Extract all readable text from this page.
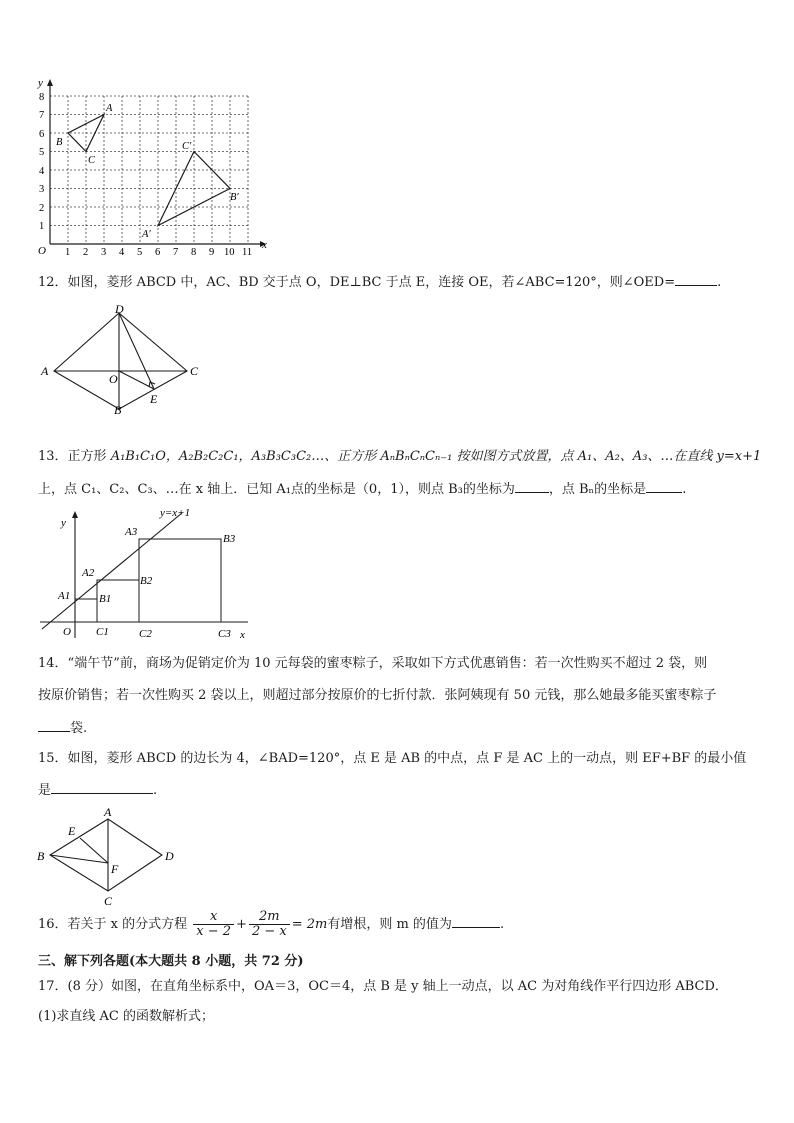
x
y
O 1 2 3 4 5 6 7 8 9 10 11
1
2
3
4
5
6
7
8
A
B
C
A'
B'
C'
12．如图，菱形 ABCD 中，AC、BD 交于点 O，DE⊥BC 于点 E，连接 OE，若∠ABC=120°，则∠OED=	.
D
A	C
O
B
E
13．正方形 A₁B₁C₁O，A₂B₂C₂C₁，A₃B₃C₃C₂…、正方形 AₙBₙCₙCₙ₋₁ 按如图方式放置，点 A₁、A₂、A₃、…在直线 y=x+1
上，点 C₁、C₂、C₃、…在 x 轴上．已知 A₁点的坐标是（0，1），则点 B₃的坐标为	，点 Bₙ的坐标是	.
y=x+1
y
x
O
A1
A2
A3
B1
B2
B3
C1	C2	C3
14．“端午节”前，商场为促销定价为 10 元每袋的蜜枣粽子，采取如下方式优惠销售：若一次性购买不超过 2 袋，则
按原价销售；若一次性购买 2 袋以上，则超过部分按原价的七折付款．张阿姨现有 50 元钱，那么她最多能买蜜枣粽子
袋.
15．如图，菱形 ABCD 的边长为 4，∠BAD=120°，点 E 是 AB 的中点，点 F 是 AC 上的一动点，则 EF+BF 的最小值
是	.
A
B	D
C
E
F
16．若关于 x 的分式方程 $\frac{x}{x - 2} + \frac{2m}{2 - x} = 2m$有增根，则 m 的值为	.
三、解下列各题(本大题共 8 小题，共 72 分)
17．(8 分）如图，在直角坐标系中，OA＝3，OC＝4，点 B 是 y 轴上一动点，以 AC 为对角线作平行四边形 ABCD．
(1)求直线 AC 的函数解析式；
